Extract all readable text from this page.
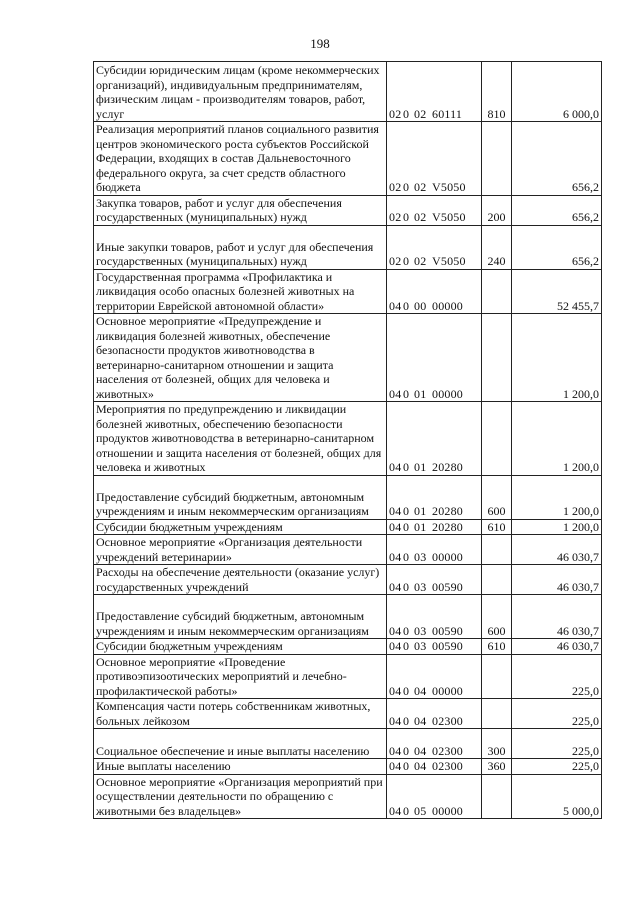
198
Субсидии юридическим лицам (кроме некоммерческих организаций), индивидуальным предпринимателям, физическим лицам - производителям товаров, работ, услуг	02 0 02 60111	810	6 000,0
Реализация мероприятий планов социального развития центров экономического роста субъектов Российской Федерации, входящих в состав Дальневосточного федерального округа, за счет средств областного бюджета	02 0 02 V5050		656,2
Закупка товаров, работ и услуг для обеспечения государственных (муниципальных) нужд	02 0 02 V5050	200	656,2
Иные закупки товаров, работ и услуг для обеспечения государственных (муниципальных) нужд	02 0 02 V5050	240	656,2
Государственная программа «Профилактика и ликвидация особо опасных болезней животных на территории Еврейской автономной области»	04 0 00 00000		52 455,7
Основное мероприятие «Предупреждение и ликвидация болезней животных, обеспечение безопасности продуктов животноводства в ветеринарно-санитарном отношении и защита населения от болезней, общих для человека и животных»	04 0 01 00000		1 200,0
Мероприятия по предупреждению и ликвидации болезней животных, обеспечению безопасности продуктов животноводства в ветеринарно-санитарном отношении и защита населения от болезней, общих для человека и животных	04 0 01 20280		1 200,0
Предоставление субсидий бюджетным, автономным учреждениям и иным некоммерческим организациям	04 0 01 20280	600	1 200,0
Субсидии бюджетным учреждениям	04 0 01 20280	610	1 200,0
Основное мероприятие «Организация деятельности учреждений ветеринарии»	04 0 03 00000		46 030,7
Расходы на обеспечение деятельности (оказание услуг) государственных учреждений	04 0 03 00590		46 030,7
Предоставление субсидий бюджетным, автономным учреждениям и иным некоммерческим организациям	04 0 03 00590	600	46 030,7
Субсидии бюджетным учреждениям	04 0 03 00590	610	46 030,7
Основное мероприятие «Проведение противоэпизоотических мероприятий и лечебно-профилактической работы»	04 0 04 00000		225,0
Компенсация части потерь собственникам животных, больных лейкозом	04 0 04 02300		225,0
Социальное обеспечение и иные выплаты населению	04 0 04 02300	300	225,0
Иные выплаты населению	04 0 04 02300	360	225,0
Основное мероприятие «Организация мероприятий при осуществлении деятельности по обращению с животными без владельцев»	04 0 05 00000		5 000,0
